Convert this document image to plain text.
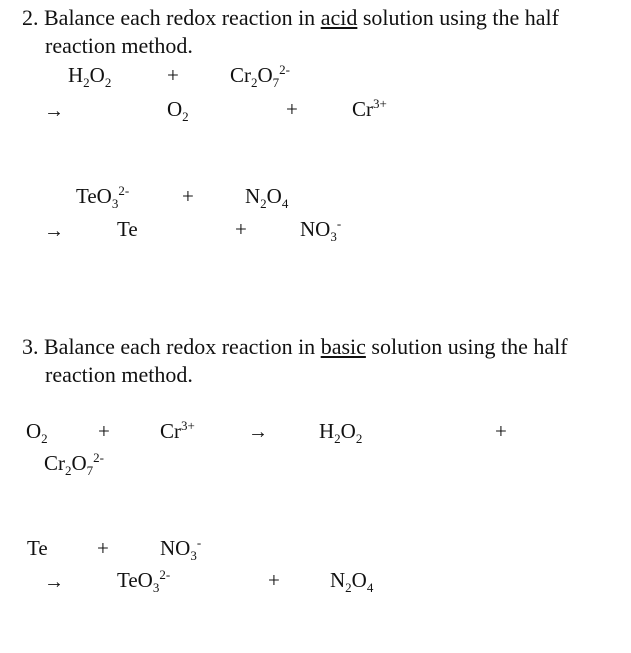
2. Balance each redox reaction in acid solution using the half
reaction method.
$H_2O_2$	+ $Cr_2O_7^{2-}$
→	$O_2$	+	$Cr^{3+}$
TeO$_3^{2-}$	+ $N_2O_4$
→	Te	+	$NO_3^-$
3. Balance each redox reaction in basic solution using the half
reaction method.
$O_2 + Cr^{3+}$	→ $H_2O_2$	+
$Cr_2O_7^{2-}$
$Te + NO_3^-$
→	TeO$_3^{2-}$	+ $N_2O_4$
